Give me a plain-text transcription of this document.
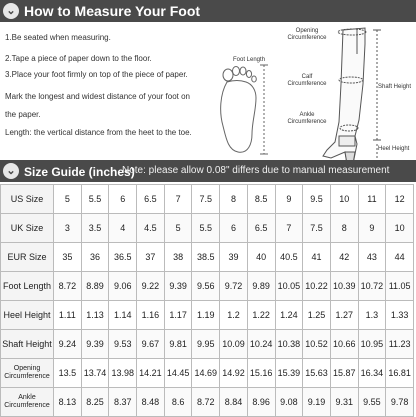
⌄ How to Measure Your Foot
1.Be seated when measuring.
2.Tape a piece of paper down to the floor.
3.Place your foot firmly on top of the piece of paper.
Mark the longest and widest distance of your foot on
the paper.
Length: the vertical distance from the heet to the toe.
Foot Length
Opening Circumference
Calf Circumference
Ankle Circumference
Shaft Height
Heel Height
⌄ Size Guide (inches)
Note: please allow 0.08" differs due to manual measurement
US Size	5	5.5	6	6.5	7	7.5	8	8.5	9	9.5	10	11	12
UK Size	3	3.5	4	4.5	5	5.5	6	6.5	7	7.5	8	9	10
EUR Size	35	36	36.5	37	38	38.5	39	40	40.5	41	42	43	44
Foot Length	8.72	8.89	9.06	9.22	9.39	9.56	9.72	9.89	10.05	10.22	10.39	10.72	11.05
Heel Height	1.11	1.13	1.14	1.16	1.17	1.19	1.2	1.22	1.24	1.25	1.27	1.3	1.33
Shaft Height	9.24	9.39	9.53	9.67	9.81	9.95	10.09	10.24	10.38	10.52	10.66	10.95	11.23
Opening Circumference	13.5	13.74	13.98	14.21	14.45	14.69	14.92	15.16	15.39	15.63	15.87	16.34	16.81
Ankle Circumference	8.13	8.25	8.37	8.48	8.6	8.72	8.84	8.96	9.08	9.19	9.31	9.55	9.78
